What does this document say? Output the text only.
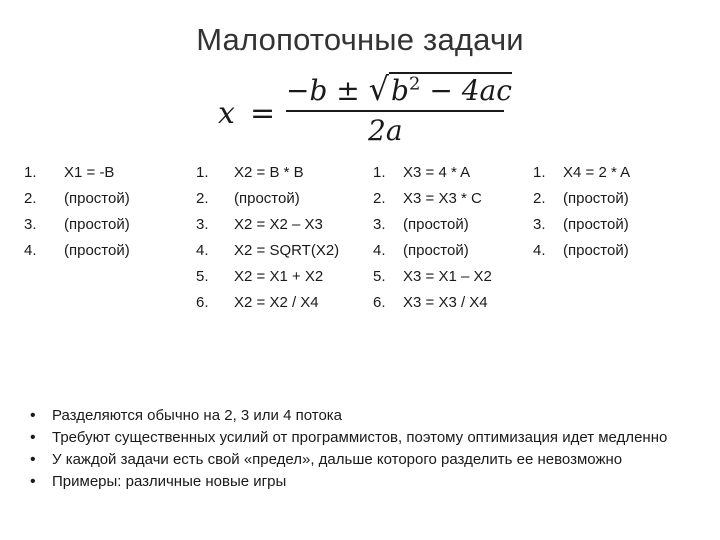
Малопоточные задачи
x =
$-b \pm √b^2 - 4ac$
2a
1.	X1 = -B
2.	(простой)
3.	(простой)
4.	(простой)
1.	X2 = B * B
2.	(простой)
3.	X2 = X2 – X3
4.	X2 = SQRT(X2)
5.	X2 = X1 + X2
6.	X2 = X2 / X4
1.	X3 = 4 * A
2.	X3 = X3 * C
3.	(простой)
4.	(простой)
5.	X3 = X1 – X2
6.	X3 = X3 / X4
1.	X4 = 2 * A
2.	(простой)
3.	(простой)
4.	(простой)
• Разделяются обычно на 2, 3 или 4 потока
• Требуют существенных усилий от программистов, поэтому оптимизация идет медленно
• У каждой задачи есть свой «предел», дальше которого разделить ее невозможно
• Примеры: различные новые игры
